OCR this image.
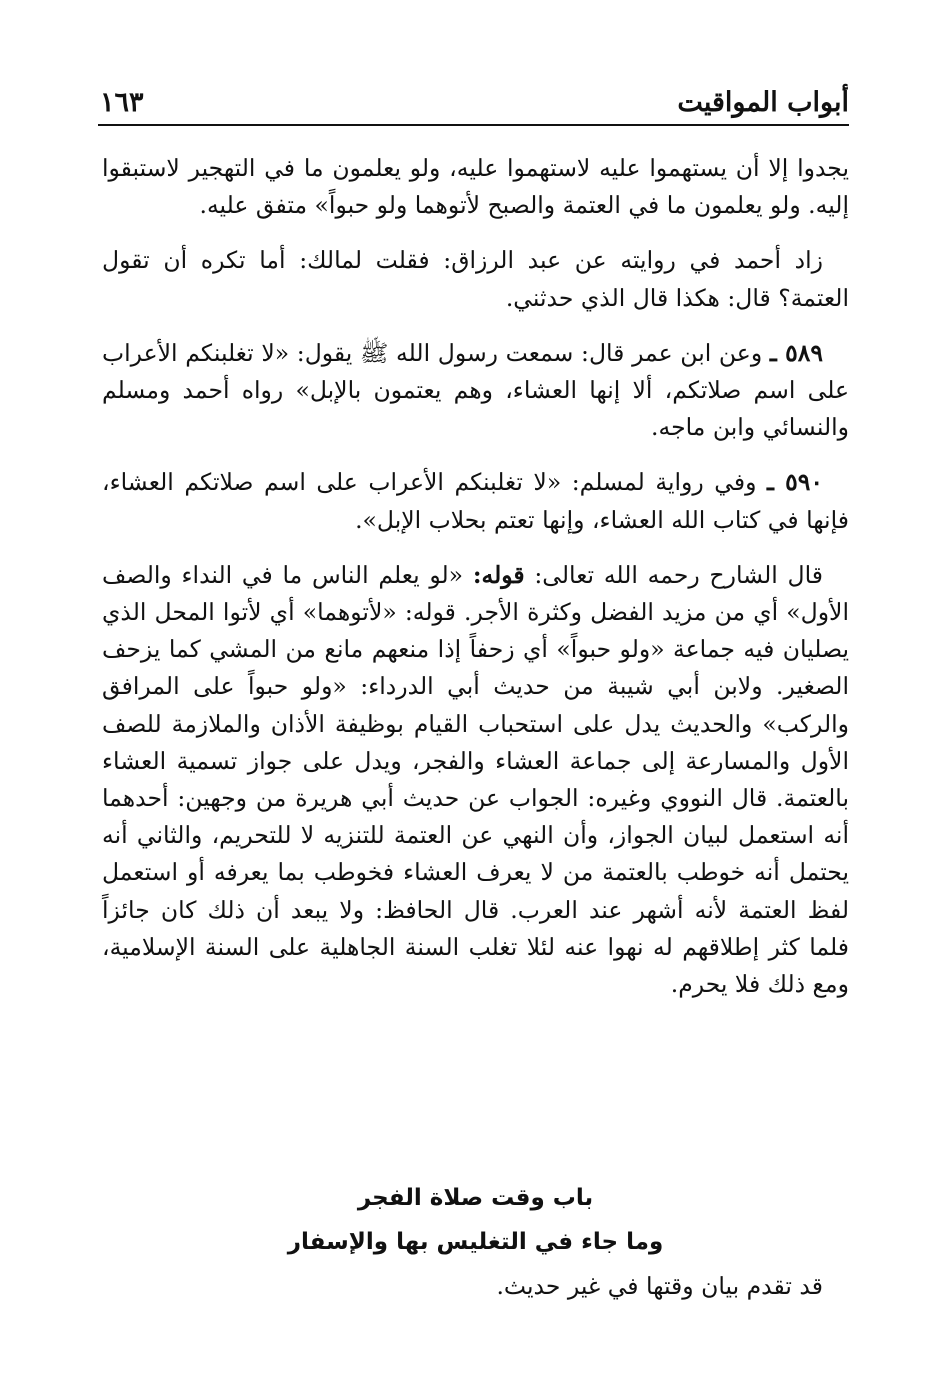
أبواب المواقيت
١٦٣

يجدوا إلا أن يستهموا عليه لاستهموا عليه، ولو يعلمون ما في التهجير لاستبقوا إليه. ولو يعلمون ما في العتمة والصبح لأتوهما ولو حبواً» متفق عليه.

زاد أحمد في روايته عن عبد الرزاق: فقلت لمالك: أما تكره أن تقول العتمة؟ قال: هكذا قال الذي حدثني.

٥٨٩ ـ وعن ابن عمر قال: سمعت رسول الله ﷺ يقول: «لا تغلبنكم الأعراب على اسم صلاتكم، ألا إنها العشاء، وهم يعتمون بالإبل» رواه أحمد ومسلم والنسائي وابن ماجه.

٥٩٠ ـ وفي رواية لمسلم: «لا تغلبنكم الأعراب على اسم صلاتكم العشاء، فإنها في كتاب الله العشاء، وإنها تعتم بحلاب الإبل».

قال الشارح رحمه الله تعالى: قوله: «لو يعلم الناس ما في النداء والصف الأول» أي من مزيد الفضل وكثرة الأجر. قوله: «لأتوهما» أي لأتوا المحل الذي يصليان فيه جماعة «ولو حبواً» أي زحفاً إذا منعهم مانع من المشي كما يزحف الصغير. ولابن أبي شيبة من حديث أبي الدرداء: «ولو حبواً على المرافق والركب» والحديث يدل على استحباب القيام بوظيفة الأذان والملازمة للصف الأول والمسارعة إلى جماعة العشاء والفجر، ويدل على جواز تسمية العشاء بالعتمة. قال النووي وغيره: الجواب عن حديث أبي هريرة من وجهين: أحدهما أنه استعمل لبيان الجواز، وأن النهي عن العتمة للتنزيه لا للتحريم، والثاني أنه يحتمل أنه خوطب بالعتمة من لا يعرف العشاء فخوطب بما يعرفه أو استعمل لفظ العتمة لأنه أشهر عند العرب. قال الحافظ: ولا يبعد أن ذلك كان جائزاً فلما كثر إطلاقهم له نهوا عنه لئلا تغلب السنة الجاهلية على السنة الإسلامية، ومع ذلك فلا يحرم.

باب وقت صلاة الفجر
وما جاء في التغليس بها والإسفار
قد تقدم بيان وقتها في غير حديث.
